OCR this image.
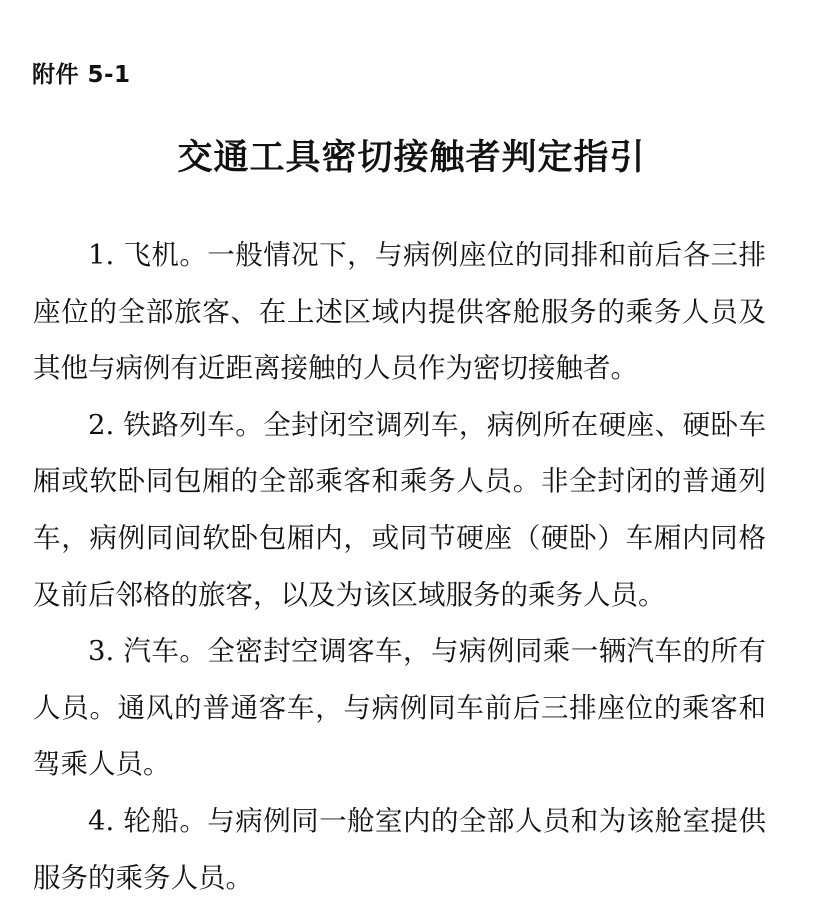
附件 5-1
交通工具密切接触者判定指引

1. 飞机。一般情况下，与病例座位的同排和前后各三排座位的全部旅客、在上述区域内提供客舱服务的乘务人员及其他与病例有近距离接触的人员作为密切接触者。

2. 铁路列车。全封闭空调列车，病例所在硬座、硬卧车厢或软卧同包厢的全部乘客和乘务人员。非全封闭的普通列车，病例同间软卧包厢内，或同节硬座（硬卧）车厢内同格及前后邻格的旅客，以及为该区域服务的乘务人员。

3. 汽车。全密封空调客车，与病例同乘一辆汽车的所有人员。通风的普通客车，与病例同车前后三排座位的乘客和驾乘人员。

4. 轮船。与病例同一舱室内的全部人员和为该舱室提供服务的乘务人员。
